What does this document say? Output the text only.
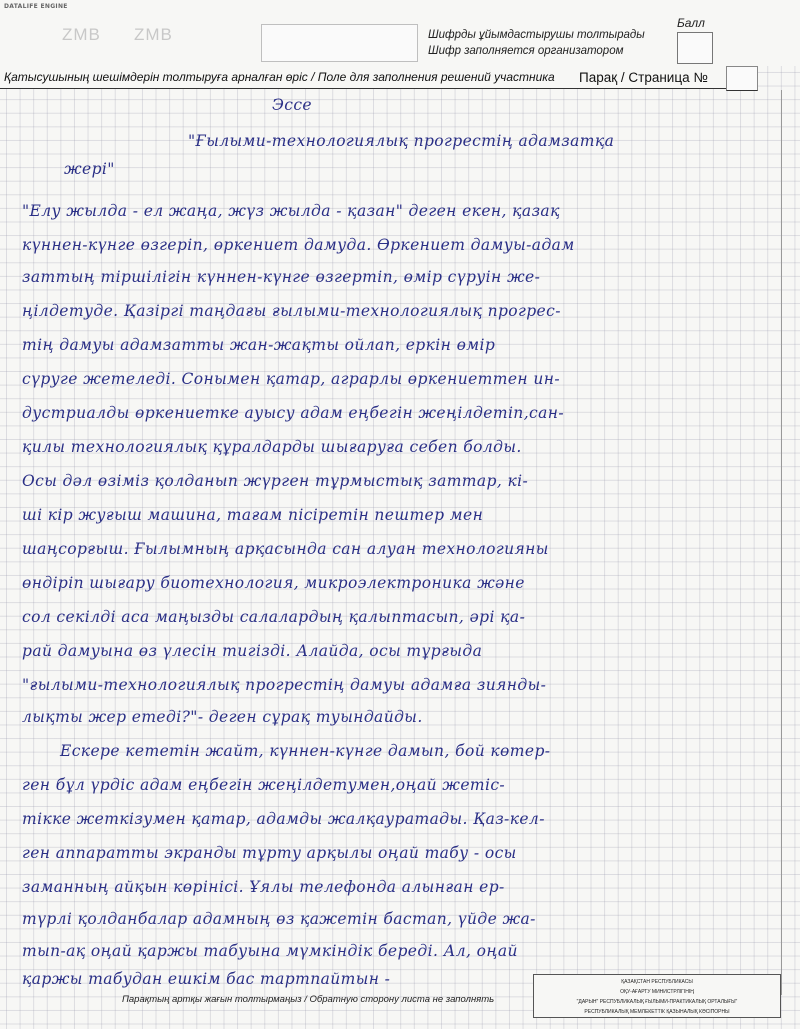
DATALIFE ENGINE
ZMB ZMB	Шифрды ұйымдастырушы толтырады
Шифр заполняется организатором
Балл
Қатысушының шешімдерін толтыруға арналған өріс / Поле для заполнения решений участника Парақ / Страница №
Эссе
"Ғылыми-технологиялық прогрестің адамзатқа
жері"
"Елу жылда - ел жаңа, жүз жылда - қазан" деген екен, қазақ
күннен-күнге өзгеріп, өркениет дамуда. Өркениет дамуы-адам
заттың тіршілігін күннен-күнге өзгертіп, өмір сүруін же-
ңілдетуде. Қазіргі таңдағы ғылыми-технологиялық прогрес-
тің дамуы адамзатты жан-жақты ойлап, еркін өмір
сүруге жетеледі. Сонымен қатар, аграрлы өркениеттен ин-
дустриалды өркениетке ауысу адам еңбегін жеңілдетіп,сан-
қилы технологиялық құралдарды шығаруға себеп болды.
Осы дәл өзіміз қолданып жүрген тұрмыстық заттар, кі-
ші кір жуғыш машина, тағам пісіретін пештер мен
шаңсорғыш. Ғылымның арқасында сан алуан технологияны
өндіріп шығару биотехнология, микроэлектроника және
сол секілді аса маңызды салалардың қалыптасып, әрі қа-
рай дамуына өз үлесін тигізді. Алайда, осы тұрғыда
"ғылыми-технологиялық прогрестің дамуы адамға зиянды-
лықты жер етеді?"- деген сұрақ туындайды.
Ескере кететін жайт, күннен-күнге дамып, бой көтер-
ген бұл үрдіс адам еңбегін жеңілдетумен,оңай жетіс-
тікке жеткізумен қатар, адамды жалқауратады. Қаз-кел-
ген аппаратты экранды тұрту арқылы оңай табу - осы
заманның айқын көрінісі. Ұялы телефонда алынған ер-
түрлі қолданбалар адамның өз қажетін бастап, үйде жа-
тып-ақ оңай қаржы табуына мүмкіндік береді. Ал, оңай
қаржы табудан ешкім бас тартпайтын -
Парақтың артқы жағын толтырмаңыз / Обратную сторону листа не заполнять
ҚАЗАҚСТАН РЕСПУБЛИКАСЫ
ОҚУ-АҒАРТУ МИНИСТРЛІГІНІҢ
"ДАРЫН" РЕСПУБЛИКАЛЫҚ ҒЫЛЫМИ-ПРАКТИКАЛЫҚ ОРТАЛЫҒЫ"
РЕСПУБЛИКАЛЫҚ МЕМЛЕКЕТТІК ҚАЗЫНАЛЫҚ КӘСІПОРНЫ
